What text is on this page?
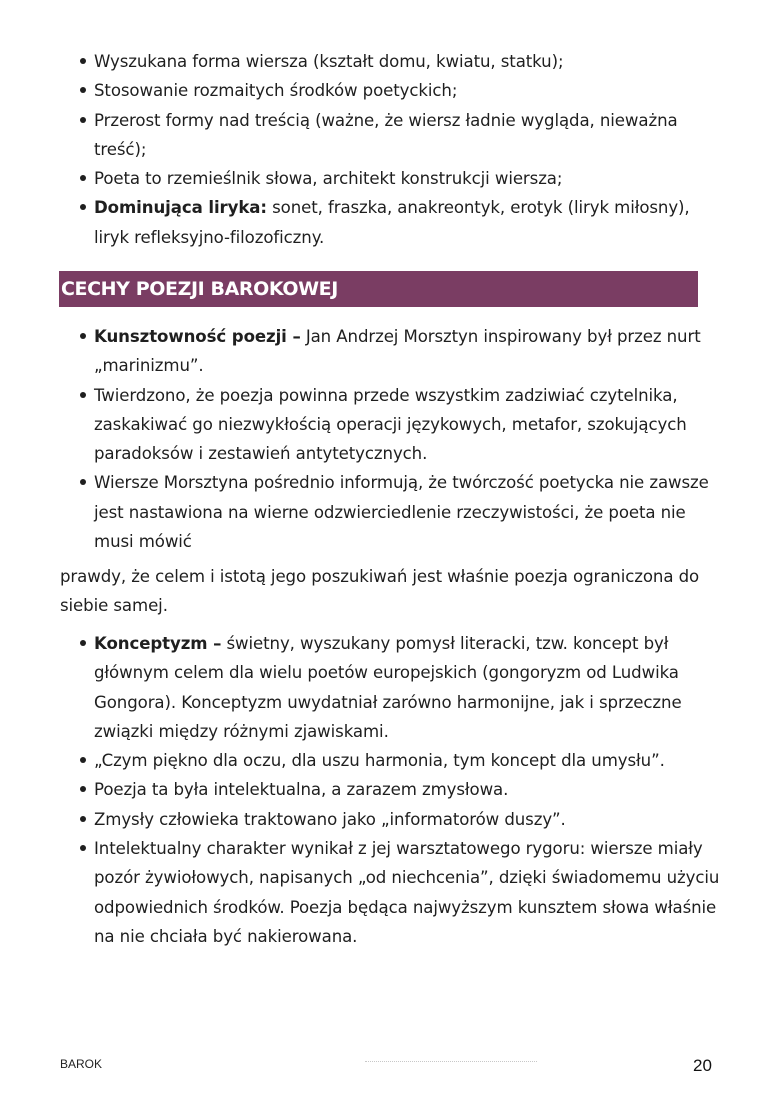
Wyszukana forma wiersza (kształt domu, kwiatu, statku);
Stosowanie rozmaitych środków poetyckich;
Przerost formy nad treścią (ważne, że wiersz ładnie wygląda, nieważna treść);
Poeta to rzemieślnik słowa, architekt konstrukcji wiersza;
Dominująca liryka: sonet, fraszka, anakreontyk, erotyk (liryk miłosny), liryk refleksyjno-filozoficzny.
CECHY POEZJI BAROKOWEJ
Kunsztowność poezji – Jan Andrzej Morsztyn inspirowany był przez nurt „marinizmu”.
Twierdzono, że poezja powinna przede wszystkim zadziwiać czytelnika, zaskakiwać go niezwykłością operacji językowych, metafor, szokujących paradoksów i zestawień antytetycznych.
Wiersze Morsztyna pośrednio informują, że twórczość poetycka nie zawsze jest nastawiona na wierne odzwierciedlenie rzeczywistości, że poeta nie musi mówić
prawdy, że celem i istotą jego poszukiwań jest właśnie poezja ograniczona do siebie samej.
Konceptyzm – świetny, wyszukany pomysł literacki, tzw. koncept był głównym celem dla wielu poetów europejskich (gongoryzm od Ludwika Gongora). Konceptyzm uwydatniał zarówno harmonijne, jak i sprzeczne związki między różnymi zjawiskami.
„Czym piękno dla oczu, dla uszu harmonia, tym koncept dla umysłu”.
Poezja ta była intelektualna, a zarazem zmysłowa.
Zmysły człowieka traktowano jako „informatorów duszy”.
Intelektualny charakter wynikał z jej warsztatowego rygoru: wiersze miały pozór żywiołowych, napisanych „od niechcenia”, dzięki świadomemu użyciu odpowiednich środków. Poezja będąca najwyższym kunsztem słowa właśnie na nie chciała być nakierowana.
BAROK	20
